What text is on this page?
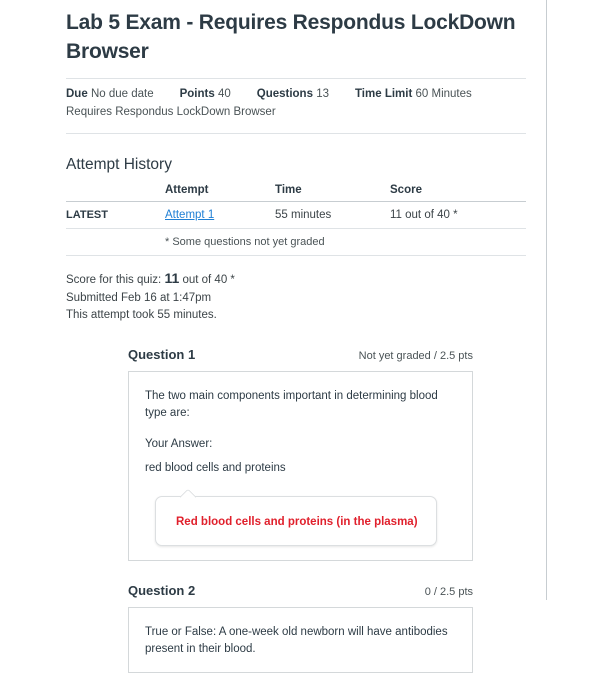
Lab 5 Exam - Requires Respondus LockDown Browser
Due No due date Points 40 Questions 13 Time Limit 60 Minutes
Requires Respondus LockDown Browser
Attempt History
	Attempt	Time	Score
LATEST	Attempt 1	55 minutes	11 out of 40 *
	* Some questions not yet graded		
Score for this quiz: 11 out of 40 *
Submitted Feb 16 at 1:47pm
This attempt took 55 minutes.
Question 1	Not yet graded / 2.5 pts
The two main components important in determining blood type are:
Your Answer:
red blood cells and proteins
Red blood cells and proteins (in the plasma)
Question 2	0 / 2.5 pts
True or False: A one-week old newborn will have antibodies present in their blood.
